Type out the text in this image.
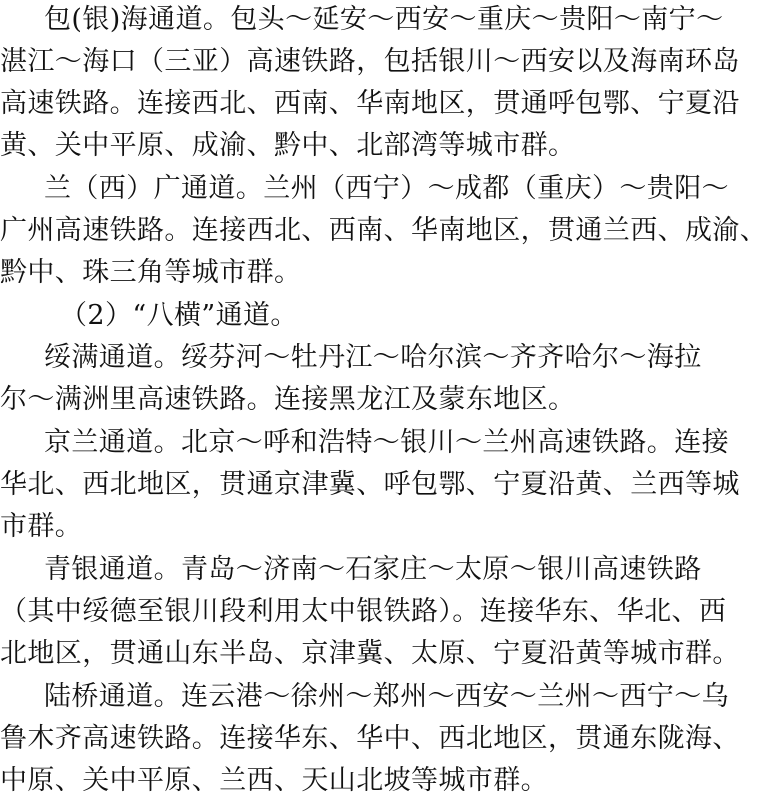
包(银)海通道。包头～延安～西安～重庆～贵阳～南宁～
湛江～海口（三亚）高速铁路，包括银川～西安以及海南环岛
高速铁路。连接西北、西南、华南地区，贯通呼包鄂、宁夏沿
黄、关中平原、成渝、黔中、北部湾等城市群。
兰（西）广通道。兰州（西宁）～成都（重庆）～贵阳～
广州高速铁路。连接西北、西南、华南地区，贯通兰西、成渝、
黔中、珠三角等城市群。
（2）“八横”通道。
绥满通道。绥芬河～牡丹江～哈尔滨～齐齐哈尔～海拉
尔～满洲里高速铁路。连接黑龙江及蒙东地区。
京兰通道。北京～呼和浩特～银川～兰州高速铁路。连接
华北、西北地区，贯通京津冀、呼包鄂、宁夏沿黄、兰西等城
市群。
青银通道。青岛～济南～石家庄～太原～银川高速铁路
（其中绥德至银川段利用太中银铁路）。连接华东、华北、西
北地区，贯通山东半岛、京津冀、太原、宁夏沿黄等城市群。
陆桥通道。连云港～徐州～郑州～西安～兰州～西宁～乌
鲁木齐高速铁路。连接华东、华中、西北地区，贯通东陇海、
中原、关中平原、兰西、天山北坡等城市群。
